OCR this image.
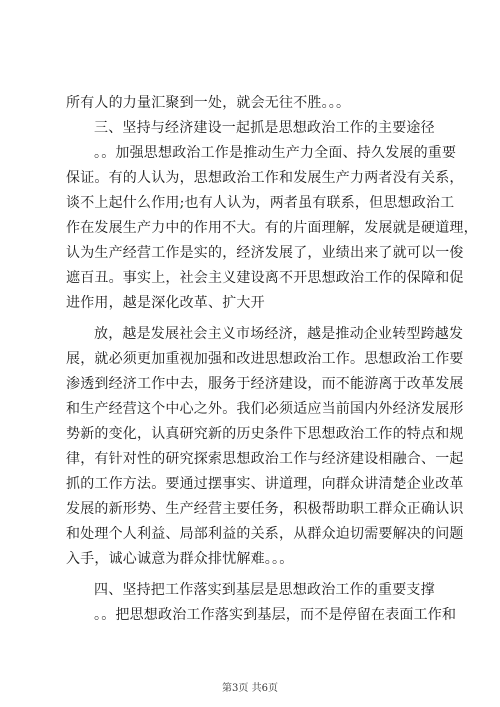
所有人的力量汇聚到一处，就会无往不胜。。。
三、坚持与经济建设一起抓是思想政治工作的主要途径
。。加强思想政治工作是推动生产力全面、持久发展的重要
保证。有的人认为，思想政治工作和发展生产力两者没有关系，
谈不上起什么作用;也有人认为，两者虽有联系，但思想政治工
作在发展生产力中的作用不大。有的片面理解，发展就是硬道理，
认为生产经营工作是实的，经济发展了，业绩出来了就可以一俊
遮百丑。事实上，社会主义建设离不开思想政治工作的保障和促
进作用，越是深化改革、扩大开
放，越是发展社会主义市场经济，越是推动企业转型跨越发
展，就必须更加重视加强和改进思想政治工作。思想政治工作要
渗透到经济工作中去，服务于经济建设，而不能游离于改革发展
和生产经营这个中心之外。我们必须适应当前国内外经济发展形
势新的变化，认真研究新的历史条件下思想政治工作的特点和规
律，有针对性的研究探索思想政治工作与经济建设相融合、一起
抓的工作方法。要通过摆事实、讲道理，向群众讲清楚企业改革
发展的新形势、生产经营主要任务，积极帮助职工群众正确认识
和处理个人利益、局部利益的关系，从群众迫切需要解决的问题
入手，诚心诚意为群众排忧解难。。。
四、坚持把工作落实到基层是思想政治工作的重要支撑
。。把思想政治工作落实到基层，而不是停留在表面工作和
第3页 共6页
